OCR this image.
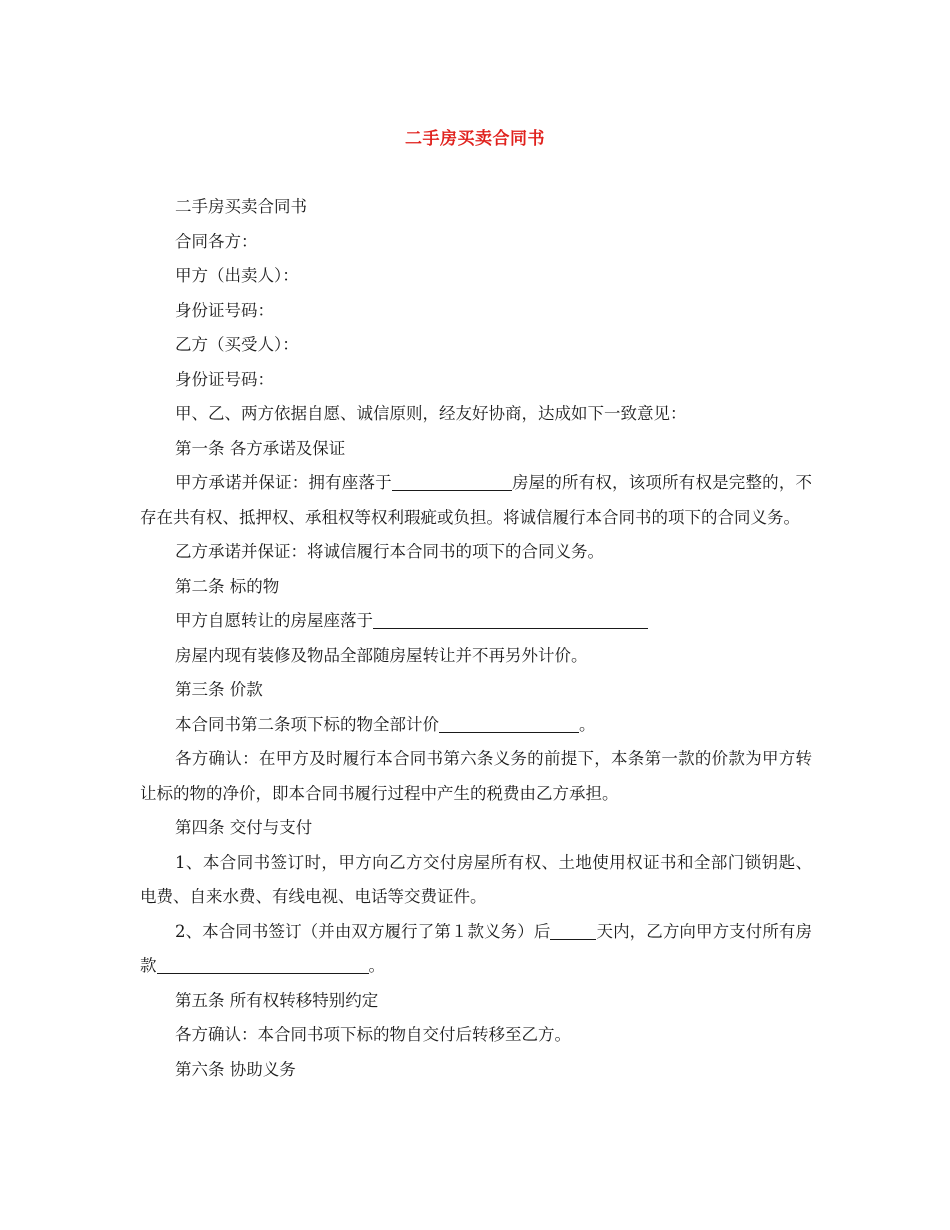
二手房买卖合同书

二手房买卖合同书

合同各方：

甲方（出卖人）：

身份证号码：

乙方（买受人）：

身份证号码：

甲、乙、两方依据自愿、诚信原则，经友好协商，达成如下一致意见：

第一条 各方承诺及保证

甲方承诺并保证：拥有座落于	房屋的所有权，该项所有权是完整的，不存在共有权、抵押权、承租权等权利瑕疵或负担。将诚信履行本合同书的项下的合同义务。

乙方承诺并保证：将诚信履行本合同书的项下的合同义务。

第二条 标的物

甲方自愿转让的房屋座落于

房屋内现有装修及物品全部随房屋转让并不再另外计价。

第三条 价款

本合同书第二条项下标的物全部计价	。

各方确认：在甲方及时履行本合同书第六条义务的前提下，本条第一款的价款为甲方转让标的物的净价，即本合同书履行过程中产生的税费由乙方承担。

第四条 交付与支付

1、本合同书签订时，甲方向乙方交付房屋所有权、土地使用权证书和全部门锁钥匙、电费、自来水费、有线电视、电话等交费证件。

2、本合同书签订（并由双方履行了第１款义务）后	天内，乙方向甲方支付所有房款	。

第五条 所有权转移特别约定

各方确认：本合同书项下标的物自交付后转移至乙方。

第六条 协助义务
